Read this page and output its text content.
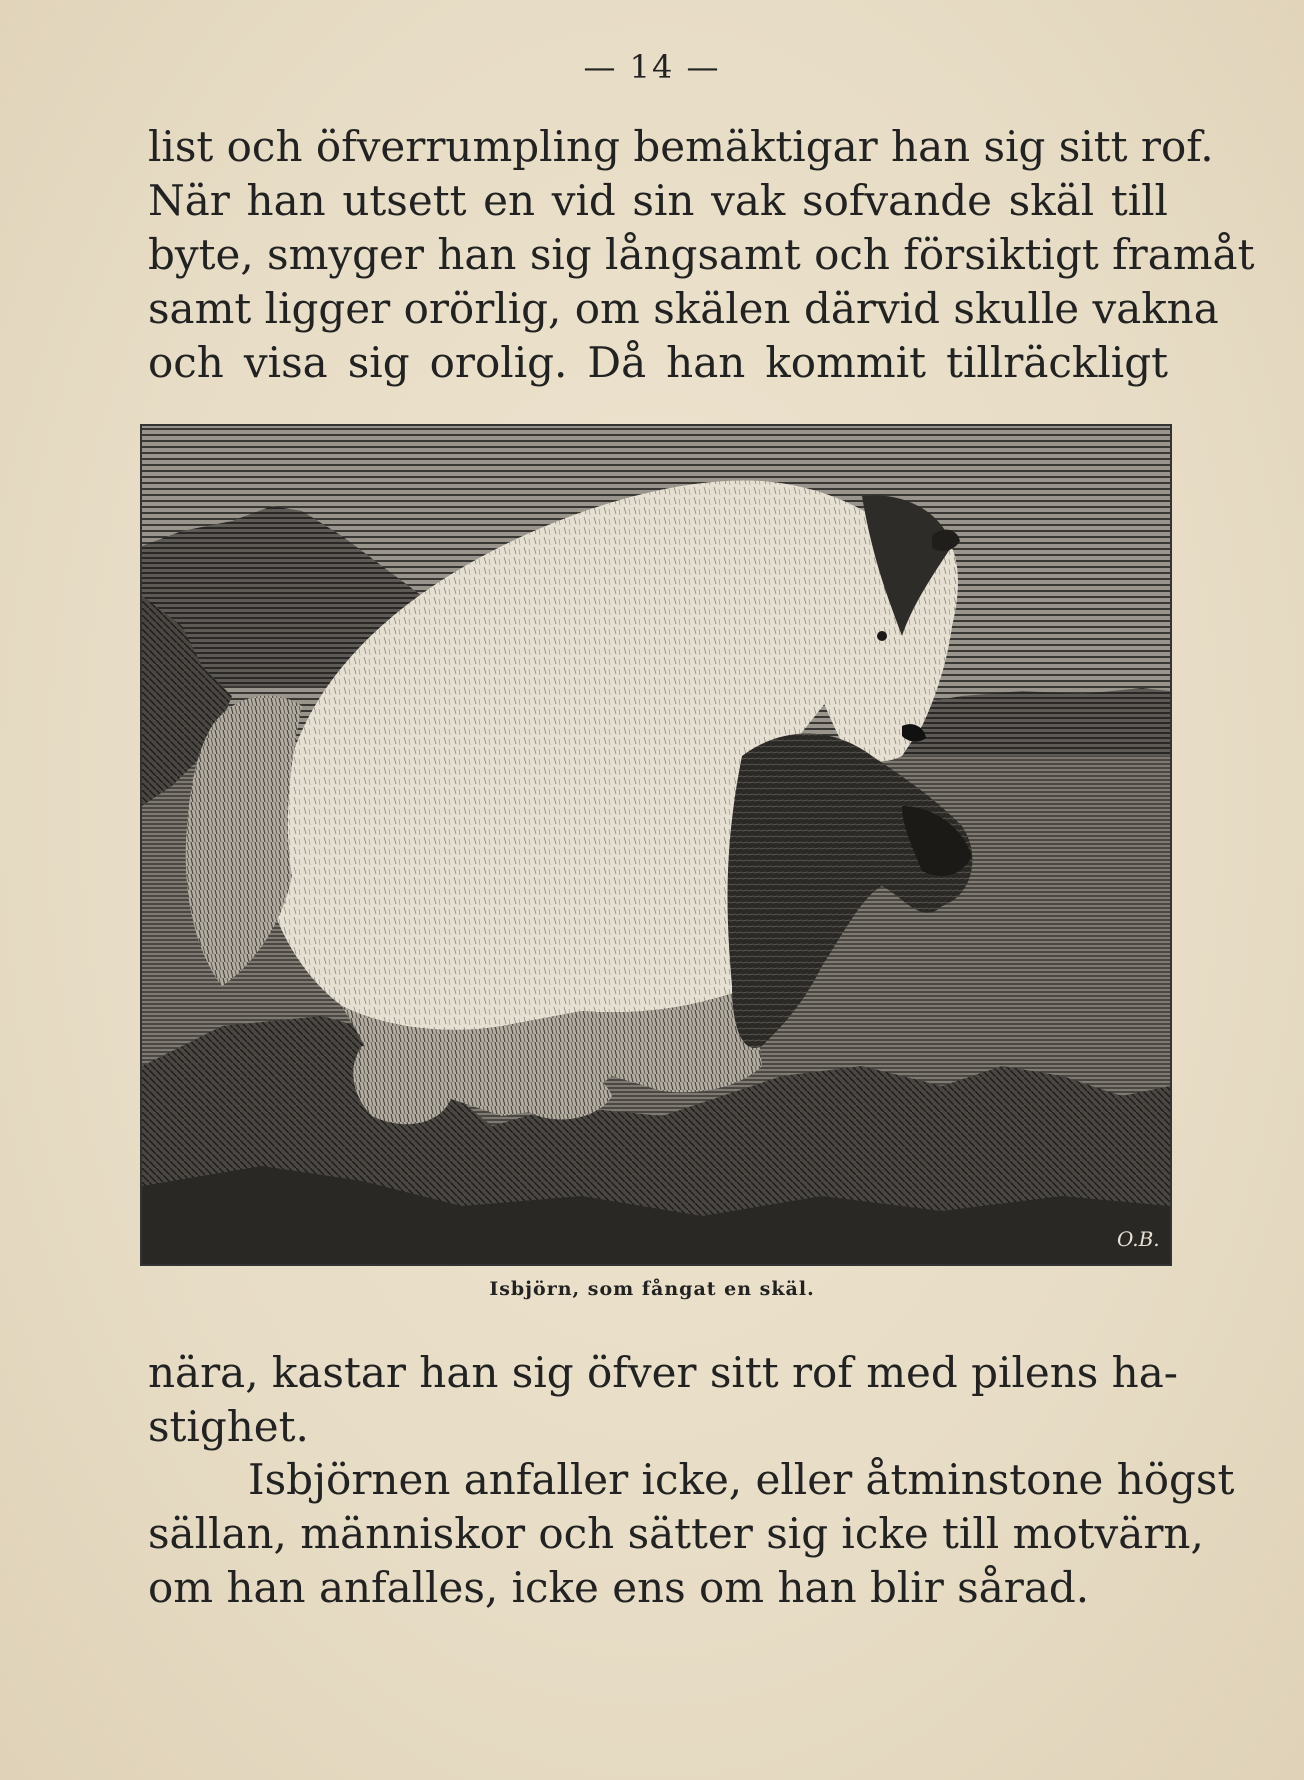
— 14 —
list och öfverrumpling bemäktigar han sig sitt rof.
När han utsett en vid sin vak sofvande skäl till
byte, smyger han sig långsamt och försiktigt framåt
samt ligger orörlig, om skälen därvid skulle vakna
och visa sig orolig. Då han kommit tillräckligt
O.B.
Isbjörn, som fångat en skäl.
nära, kastar han sig öfver sitt rof med pilens ha-
stighet.
Isbjörnen anfaller icke, eller åtminstone högst
sällan, människor och sätter sig icke till motvärn,
om han anfalles, icke ens om han blir sårad.
